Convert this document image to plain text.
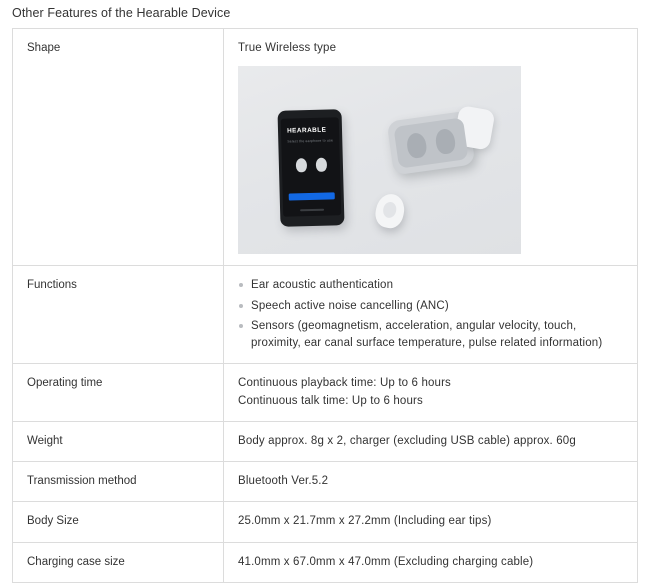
Other Features of the Hearable Device
Shape	True Wireless type
HEARABLE
Select the earphone to use

Functions	Ear acoustic authentication
Speech active noise cancelling (ANC)
Sensors (geomagnetism, acceleration, angular velocity, touch, proximity, ear canal surface temperature, pulse related information)

Operating time	Continuous playback time: Up to 6 hours
Continuous talk time: Up to 6 hours

Weight	Body approx. 8g x 2, charger (excluding USB cable) approx. 60g
Transmission method	Bluetooth Ver.5.2
Body Size	25.0mm x 21.7mm x 27.2mm (Including ear tips)
Charging case size	41.0mm x 67.0mm x 47.0mm (Excluding charging cable)
